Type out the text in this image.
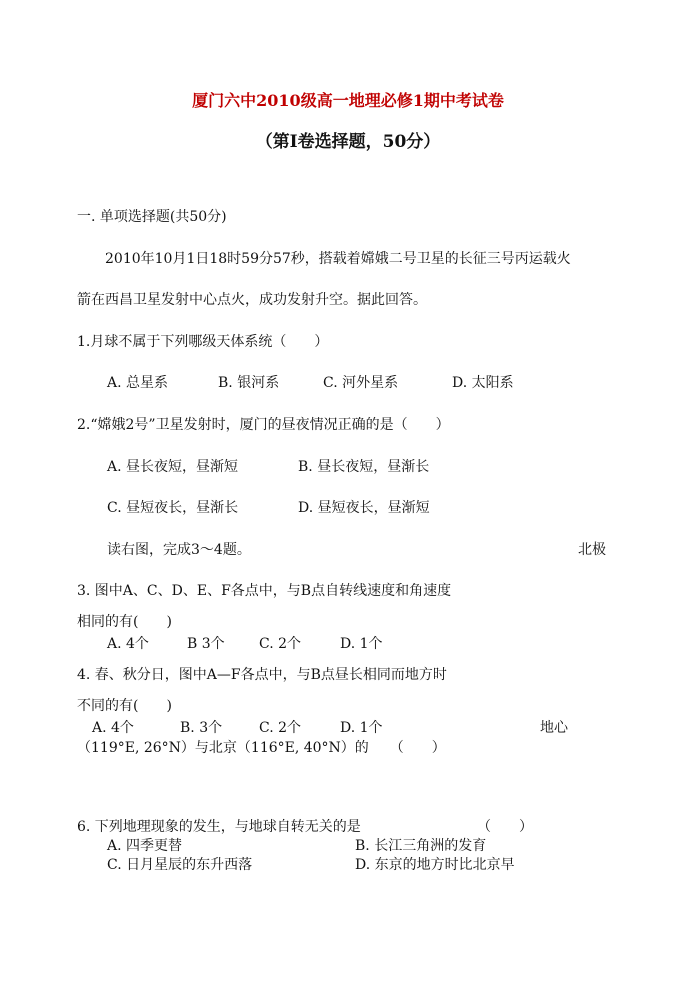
厦门六中2010级高一地理必修1期中考试卷
（第Ⅰ卷选择题，50分）
一. 单项选择题(共50分)
2010年10月1日18时59分57秒，搭载着嫦娥二号卫星的长征三号丙运载火
箭在西昌卫星发射中心点火，成功发射升空。据此回答。
1.月球不属于下列哪级天体系统（　　）
A. 总星系	B. 银河系	C. 河外星系	D. 太阳系
2.“嫦娥2号”卫星发射时，厦门的昼夜情况正确的是（　　）
A. 昼长夜短，昼渐短	B. 昼长夜短，昼渐长
C. 昼短夜长，昼渐长	D. 昼短夜长，昼渐短
读右图，完成3～4题。	北极
3. 图中A、C、D、E、F各点中，与B点自转线速度和角速度
相同的有(　　)
A. 4个	B 3个 C. 2个	D. 1个
4. 春、秋分日，图中A—F各点中，与B点昼长相同而地方时
不同的有(　　)
A. 4个	B. 3个	C. 2个	D. 1个	地心
（119°E, 26°N）与北京（116°E, 40°N）的　　（　　）
6. 下列地理现象的发生，与地球自转无关的是	（　　）
A. 四季更替	B. 长江三角洲的发育
C. 日月星辰的东升西落	D. 东京的地方时比北京早
